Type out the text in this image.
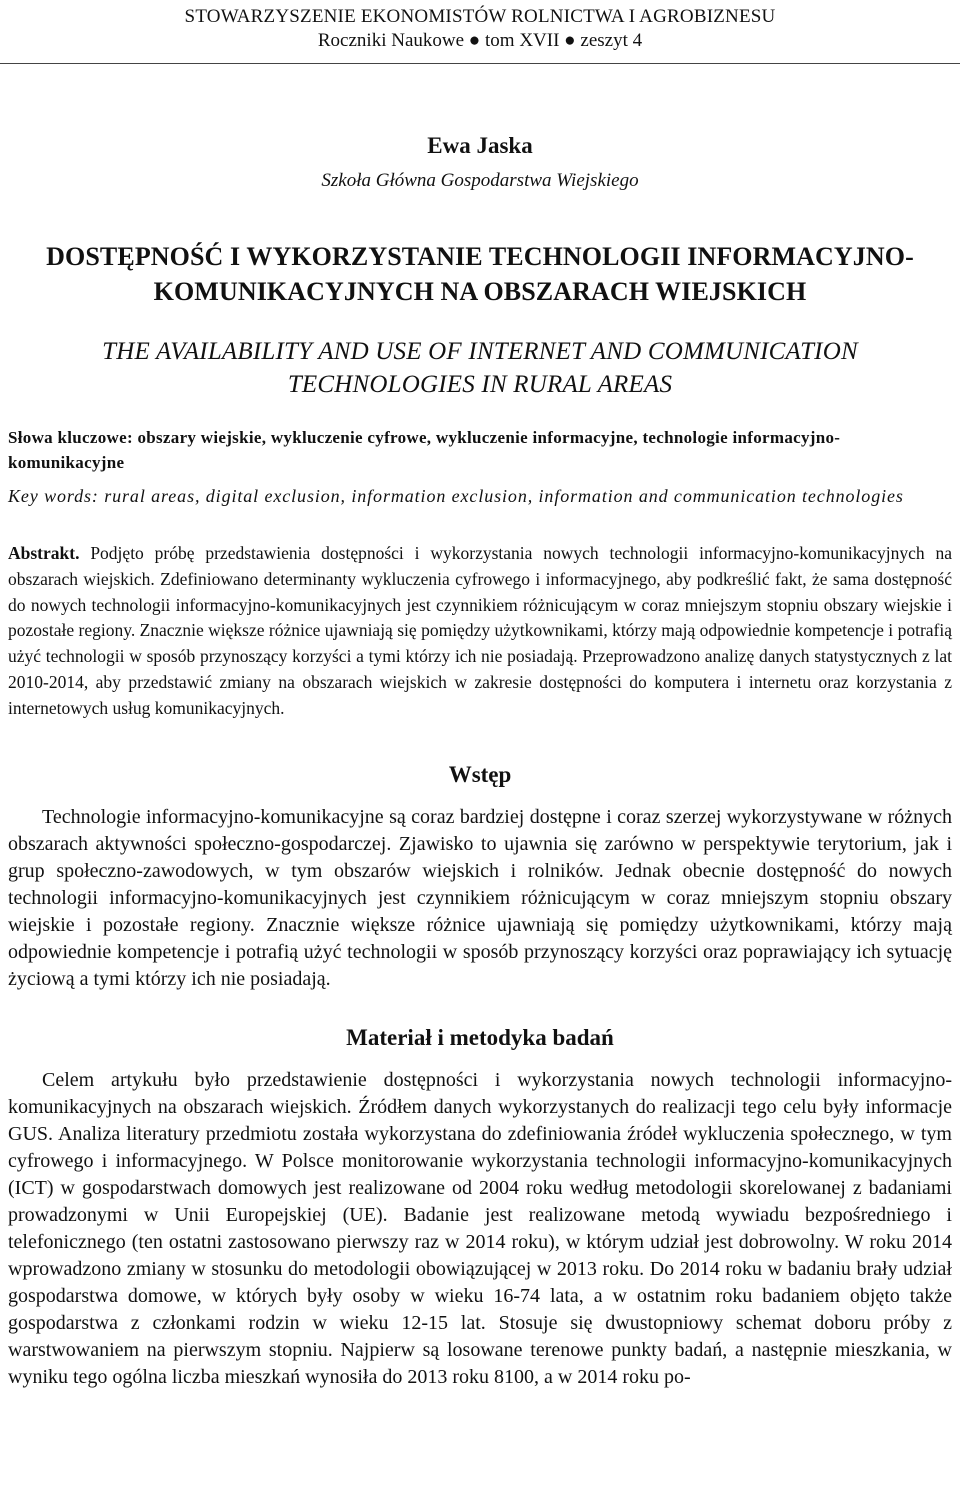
STOWARZYSZENIE EKONOMISTÓW ROLNICTWA I AGROBIZNESU
Roczniki Naukowe ● tom XVII ● zeszyt 4
Ewa Jaska
Szkoła Główna Gospodarstwa Wiejskiego
DOSTĘPNOŚĆ I WYKORZYSTANIE TECHNOLOGII INFORMACYJNO-
KOMUNIKACYJNYCH NA OBSZARACH WIEJSKICH
THE AVAILABILITY AND USE OF INTERNET AND COMMUNICATION
TECHNOLOGIES IN RURAL AREAS
Słowa kluczowe: obszary wiejskie, wykluczenie cyfrowe, wykluczenie informacyjne, technologie informacyjno-komunikacyjne
Key words: rural areas, digital exclusion, information exclusion, information and communication technologies
Abstrakt. Podjęto próbę przedstawienia dostępności i wykorzystania nowych technologii informacyjno-komunikacyjnych na obszarach wiejskich. Zdefiniowano determinanty wykluczenia cyfrowego i informacyjnego, aby podkreślić fakt, że sama dostępność do nowych technologii informacyjno-komunikacyjnych jest czynnikiem różnicującym w coraz mniejszym stopniu obszary wiejskie i pozostałe regiony. Znacznie większe różnice ujawniają się pomiędzy użytkownikami, którzy mają odpowiednie kompetencje i potrafią użyć technologii w sposób przynoszący korzyści a tymi którzy ich nie posiadają. Przeprowadzono analizę danych statystycznych z lat 2010-2014, aby przedstawić zmiany na obszarach wiejskich w zakresie dostępności do komputera i internetu oraz korzystania z internetowych usług komunikacyjnych.
Wstęp
Technologie informacyjno-komunikacyjne są coraz bardziej dostępne i coraz szerzej wykorzystywane w różnych obszarach aktywności społeczno-gospodarczej. Zjawisko to ujawnia się zarówno w perspektywie terytorium, jak i grup społeczno-zawodowych, w tym obszarów wiejskich i rolników. Jednak obecnie dostępność do nowych technologii informacyjno-komunikacyjnych jest czynnikiem różnicującym w coraz mniejszym stopniu obszary wiejskie i pozostałe regiony. Znacznie większe różnice ujawniają się pomiędzy użytkownikami, którzy mają odpowiednie kompetencje i potrafią użyć technologii w sposób przynoszący korzyści oraz poprawiający ich sytuację życiową a tymi którzy ich nie posiadają.
Materiał i metodyka badań
Celem artykułu było przedstawienie dostępności i wykorzystania nowych technologii informacyjno-komunikacyjnych na obszarach wiejskich. Źródłem danych wykorzystanych do realizacji tego celu były informacje GUS. Analiza literatury przedmiotu została wykorzystana do zdefiniowania źródeł wykluczenia społecznego, w tym cyfrowego i informacyjnego. W Polsce monitorowanie wykorzystania technologii informacyjno-komunikacyjnych (ICT) w gospodarstwach domowych jest realizowane od 2004 roku według metodologii skorelowanej z badaniami prowadzonymi w Unii Europejskiej (UE). Badanie jest realizowane metodą wywiadu bezpośredniego i telefonicznego (ten ostatni zastosowano pierwszy raz w 2014 roku), w którym udział jest dobrowolny. W roku 2014 wprowadzono zmiany w stosunku do metodologii obowiązującej w 2013 roku. Do 2014 roku w badaniu brały udział gospodarstwa domowe, w których były osoby w wieku 16-74 lata, a w ostatnim roku badaniem objęto także gospodarstwa z członkami rodzin w wieku 12-15 lat. Stosuje się dwustopniowy schemat doboru próby z warstwowaniem na pierwszym stopniu. Najpierw są losowane terenowe punkty badań, a następnie mieszkania, w wyniku tego ogólna liczba mieszkań wynosiła do 2013 roku 8100, a w 2014 roku po-
